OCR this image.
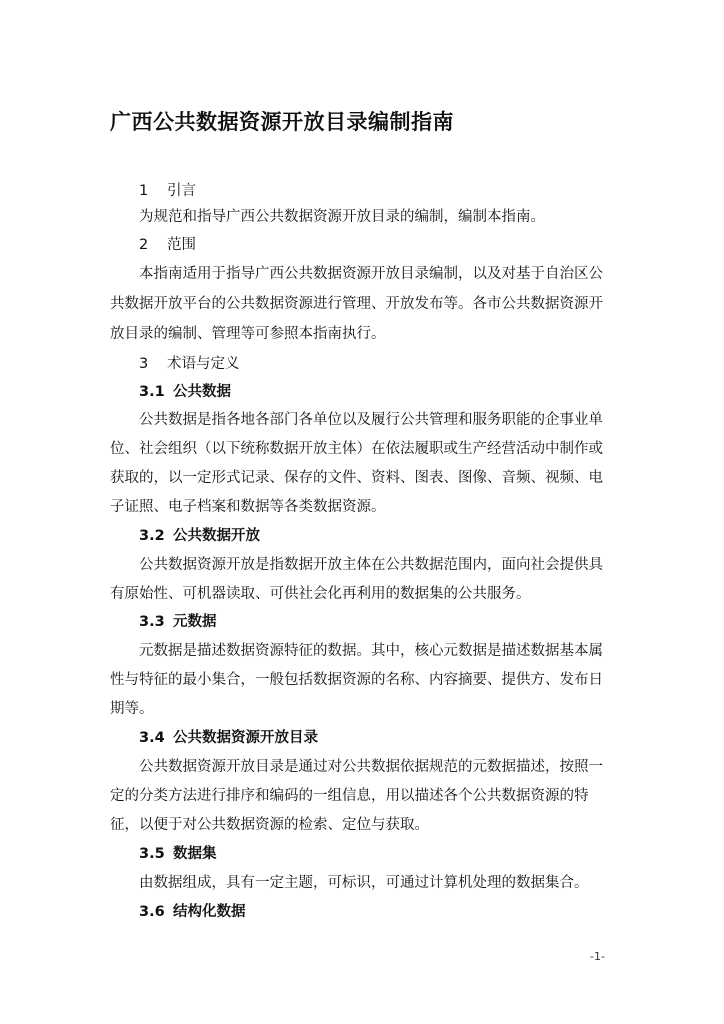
广西公共数据资源开放目录编制指南
1 引言
为规范和指导广西公共数据资源开放目录的编制，编制本指南。
2 范围
本指南适用于指导广西公共数据资源开放目录编制，以及对基于自治区公
共数据开放平台的公共数据资源进行管理、开放发布等。各市公共数据资源开
放目录的编制、管理等可参照本指南执行。
3 术语与定义
3.1 公共数据
公共数据是指各地各部门各单位以及履行公共管理和服务职能的企事业单
位、社会组织（以下统称数据开放主体）在依法履职或生产经营活动中制作或
获取的，以一定形式记录、保存的文件、资料、图表、图像、音频、视频、电
子证照、电子档案和数据等各类数据资源。
3.2 公共数据开放
公共数据资源开放是指数据开放主体在公共数据范围内，面向社会提供具
有原始性、可机器读取、可供社会化再利用的数据集的公共服务。
3.3 元数据
元数据是描述数据资源特征的数据。其中，核心元数据是描述数据基本属
性与特征的最小集合，一般包括数据资源的名称、内容摘要、提供方、发布日
期等。
3.4 公共数据资源开放目录
公共数据资源开放目录是通过对公共数据依据规范的元数据描述，按照一
定的分类方法进行排序和编码的一组信息，用以描述各个公共数据资源的特
征，以便于对公共数据资源的检索、定位与获取。
3.5 数据集
由数据组成，具有一定主题，可标识，可通过计算机处理的数据集合。
3.6 结构化数据
-1-
